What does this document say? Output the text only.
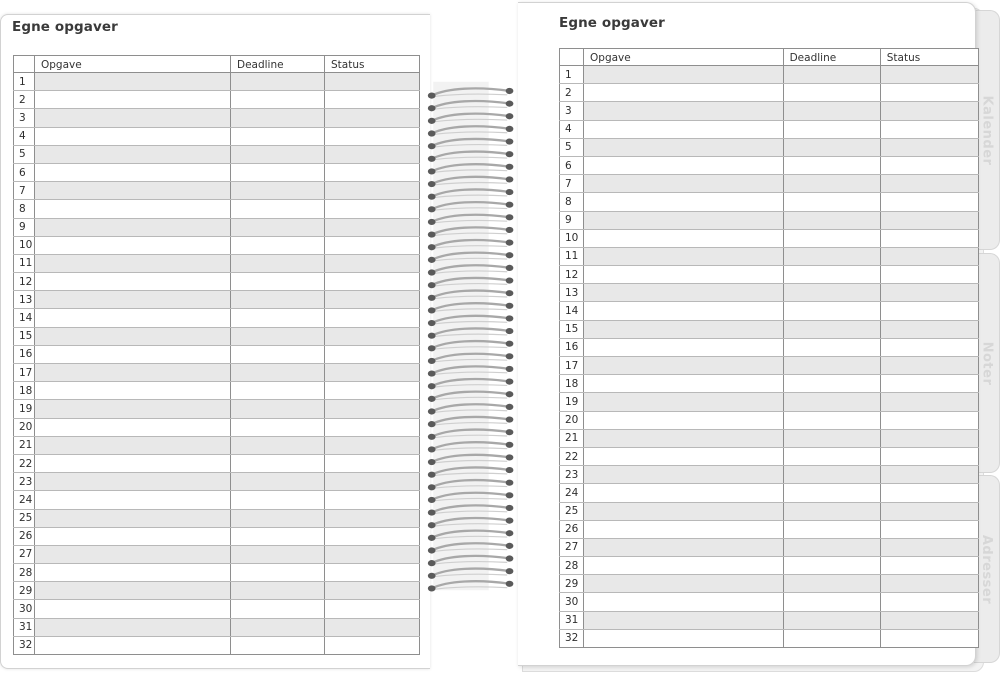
Kalender
Noter
Adresser
Egne opgaver
	Opgave	Deadline	Status
1			
2			
3			
4			
5			
6			
7			
8			
9			
10			
11			
12			
13			
14			
15			
16			
17			
18			
19			
20			
21			
22			
23			
24			
25			
26			
27			
28			
29			
30			
31			
32			
Egne opgaver
	Opgave	Deadline	Status
1			
2			
3			
4			
5			
6			
7			
8			
9			
10			
11			
12			
13			
14			
15			
16			
17			
18			
19			
20			
21			
22			
23			
24			
25			
26			
27			
28			
29			
30			
31			
32			
